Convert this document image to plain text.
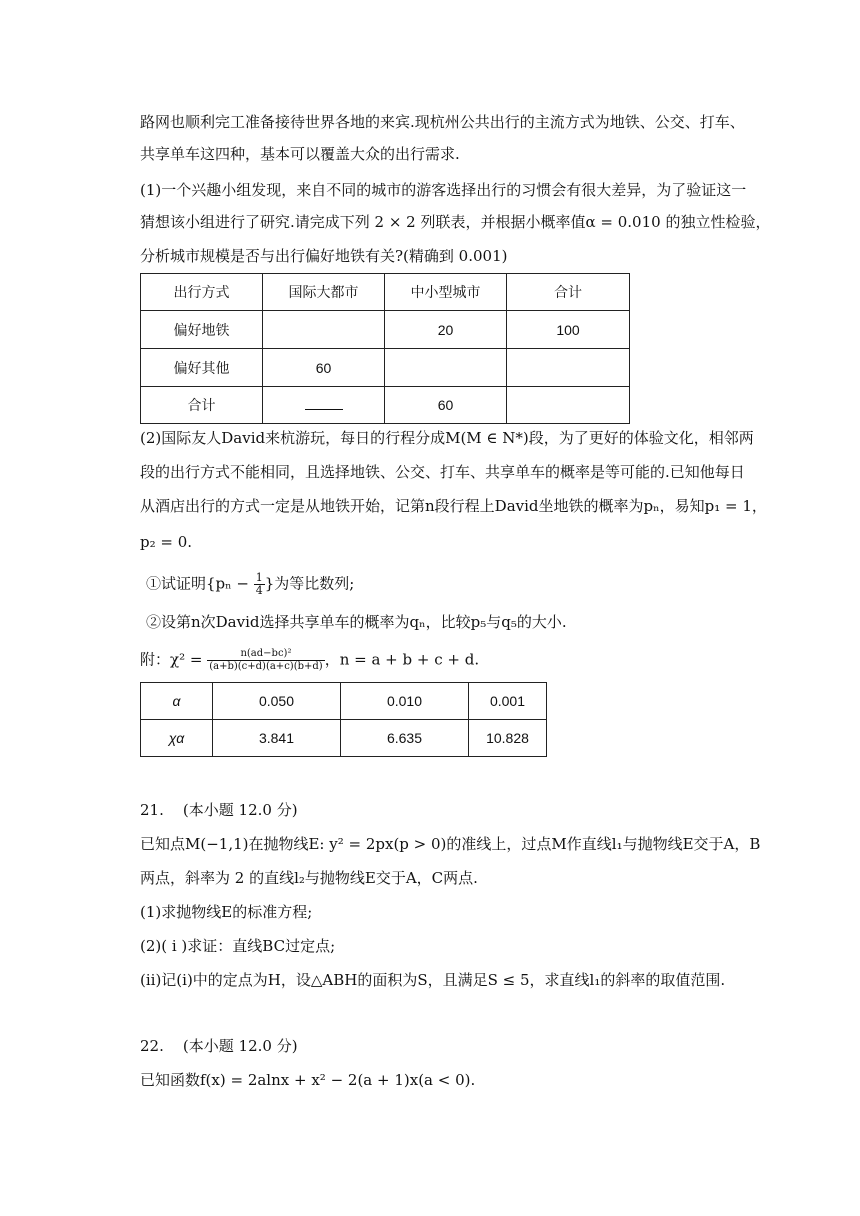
路网也顺利完工准备接待世界各地的来宾.现杭州公共出行的主流方式为地铁、公交、打车、
共享单车这四种，基本可以覆盖大众的出行需求.
(1)一个兴趣小组发现，来自不同的城市的游客选择出行的习惯会有很大差异，为了验证这一
猜想该小组进行了研究.请完成下列 2 × 2 列联表，并根据小概率值α = 0.010 的独立性检验，
分析城市规模是否与出行偏好地铁有关?(精确到 0.001)
出行方式	国际大都市	中小型城市	合计
偏好地铁		20	100
偏好其他	60		
合计		60	
(2)国际友人David来杭游玩，每日的行程分成M(M ∈ N*)段，为了更好的体验文化，相邻两
段的出行方式不能相同，且选择地铁、公交、打车、共享单车的概率是等可能的.已知他每日
从酒店出行的方式一定是从地铁开始，记第n段行程上David坐地铁的概率为pₙ，易知p₁ = 1，
p₂ = 0.
①试证明{$p_n - \frac{1}{4}$ }为等比数列;
②设第n次David选择共享单车的概率为qₙ，比较p₅与q₅的大小.
附：$\chi^2 = \frac{\text{n(ad−bc)²}}{(a+b)(c+d)(a+c)(b+d)}$ ，n = a + b + c + d.
α	0.050	0.010	0.001
χα	3.841	6.635	10.828
21.    (本小题 12.0 分)
已知点M(−1,1)在抛物线E: y² = 2px(p > 0)的准线上，过点M作直线l₁与抛物线E交于A，B
两点，斜率为 2 的直线l₂与抛物线E交于A，C两点.
(1)求抛物线E的标准方程;
(2)( i )求证：直线BC过定点;
(ⅱ)记(ⅰ)中的定点为H，设△ABH的面积为S，且满足S ≤ 5，求直线l₁的斜率的取值范围.
22.    (本小题 12.0 分)
已知函数f(x) = 2alnx + x² − 2(a + 1)x(a < 0).
